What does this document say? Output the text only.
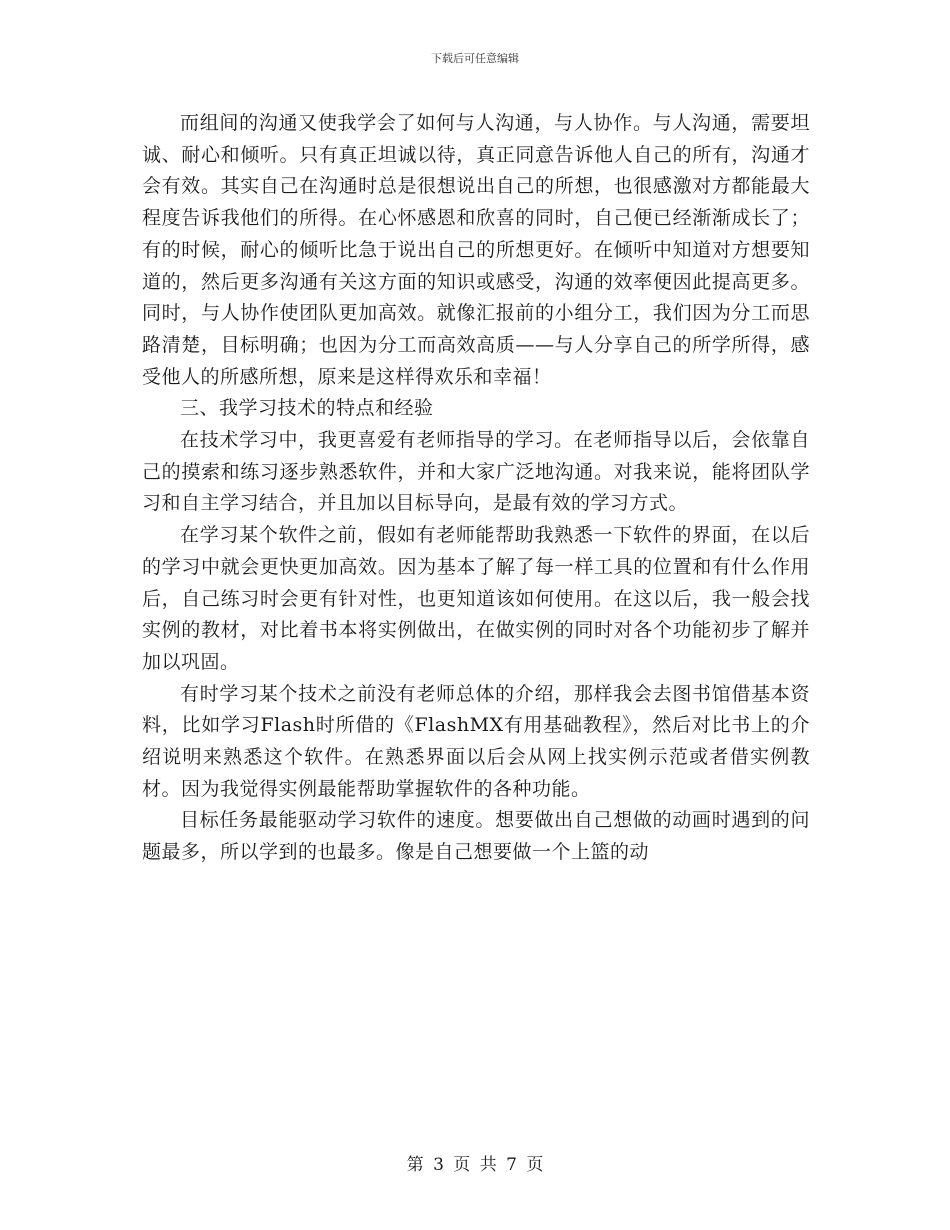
下载后可任意编辑

而组间的沟通又使我学会了如何与人沟通，与人协作。与人沟通，需要坦诚、耐心和倾听。只有真正坦诚以待，真正同意告诉他人自己的所有，沟通才会有效。其实自己在沟通时总是很想说出自己的所想，也很感激对方都能最大程度告诉我他们的所得。在心怀感恩和欣喜的同时，自己便已经渐渐成长了；有的时候，耐心的倾听比急于说出自己的所想更好。在倾听中知道对方想要知道的，然后更多沟通有关这方面的知识或感受，沟通的效率便因此提高更多。同时，与人协作使团队更加高效。就像汇报前的小组分工，我们因为分工而思路清楚，目标明确；也因为分工而高效高质——与人分享自己的所学所得，感受他人的所感所想，原来是这样得欢乐和幸福！

三、我学习技术的特点和经验

在技术学习中，我更喜爱有老师指导的学习。在老师指导以后，会依靠自己的摸索和练习逐步熟悉软件，并和大家广泛地沟通。对我来说，能将团队学习和自主学习结合，并且加以目标导向，是最有效的学习方式。

在学习某个软件之前，假如有老师能帮助我熟悉一下软件的界面，在以后的学习中就会更快更加高效。因为基本了解了每一样工具的位置和有什么作用后，自己练习时会更有针对性，也更知道该如何使用。在这以后，我一般会找实例的教材，对比着书本将实例做出，在做实例的同时对各个功能初步了解并加以巩固。

有时学习某个技术之前没有老师总体的介绍，那样我会去图书馆借基本资料，比如学习Flash时所借的《FlashMX有用基础教程》，然后对比书上的介绍说明来熟悉这个软件。在熟悉界面以后会从网上找实例示范或者借实例教材。因为我觉得实例最能帮助掌握软件的各种功能。

目标任务最能驱动学习软件的速度。想要做出自己想做的动画时遇到的问题最多，所以学到的也最多。像是自己想要做一个上篮的动

第 3 页 共 7 页
